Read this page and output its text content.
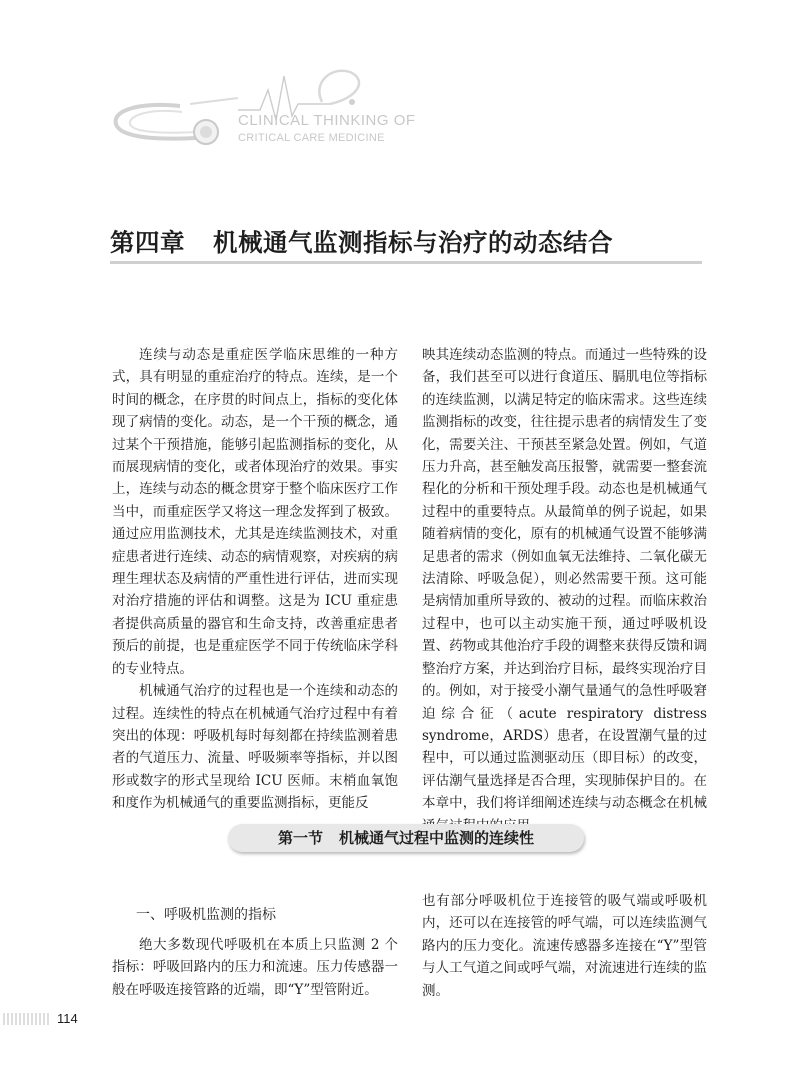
CLINICAL THINKING OF
CRITICAL CARE MEDICINE
第四章 机械通气监测指标与治疗的动态结合

连续与动态是重症医学临床思维的一种方式，具有明显的重症治疗的特点。连续，是一个时间的概念，在序贯的时间点上，指标的变化体现了病情的变化。动态，是一个干预的概念，通过某个干预措施，能够引起监测指标的变化，从而展现病情的变化，或者体现治疗的效果。事实上，连续与动态的概念贯穿于整个临床医疗工作当中，而重症医学又将这一理念发挥到了极致。通过应用监测技术，尤其是连续监测技术，对重症患者进行连续、动态的病情观察，对疾病的病理生理状态及病情的严重性进行评估，进而实现对治疗措施的评估和调整。这是为 ICU 重症患者提供高质量的器官和生命支持，改善重症患者预后的前提，也是重症医学不同于传统临床学科的专业特点。

机械通气治疗的过程也是一个连续和动态的过程。连续性的特点在机械通气治疗过程中有着突出的体现：呼吸机每时每刻都在持续监测着患者的气道压力、流量、呼吸频率等指标，并以图形或数字的形式呈现给 ICU 医师。末梢血氧饱和度作为机械通气的重要监测指标，更能反

映其连续动态监测的特点。而通过一些特殊的设备，我们甚至可以进行食道压、膈肌电位等指标的连续监测，以满足特定的临床需求。这些连续监测指标的改变，往往提示患者的病情发生了变化，需要关注、干预甚至紧急处置。例如，气道压力升高，甚至触发高压报警，就需要一整套流程化的分析和干预处理手段。动态也是机械通气过程中的重要特点。从最简单的例子说起，如果随着病情的变化，原有的机械通气设置不能够满足患者的需求（例如血氧无法维持、二氧化碳无法清除、呼吸急促），则必然需要干预。这可能是病情加重所导致的、被动的过程。而临床救治过程中，也可以主动实施干预，通过呼吸机设置、药物或其他治疗手段的调整来获得反馈和调整治疗方案，并达到治疗目标，最终实现治疗目的。例如，对于接受小潮气量通气的急性呼吸窘迫综合征（acute respiratory distress syndrome，ARDS）患者，在设置潮气量的过程中，可以通过监测驱动压（即目标）的改变，评估潮气量选择是否合理，实现肺保护目的。在本章中，我们将详细阐述连续与动态概念在机械

第一节 机械通气过程中监测的连续性
一、呼吸机监测的指标

绝大多数现代呼吸机在本质上只监测 2 个指标：呼吸回路内的压力和流速。压力传感器一般在呼吸连接管路的近端，即“Y”型管附近。

也有部分呼吸机位于连接管的吸气端或呼吸机内，还可以在连接管的呼气端，可以连续监测气路内的压力变化。流速传感器多连接在“Y”型管与人工气道之间或呼气端，对流速进行连续的监测。

114
